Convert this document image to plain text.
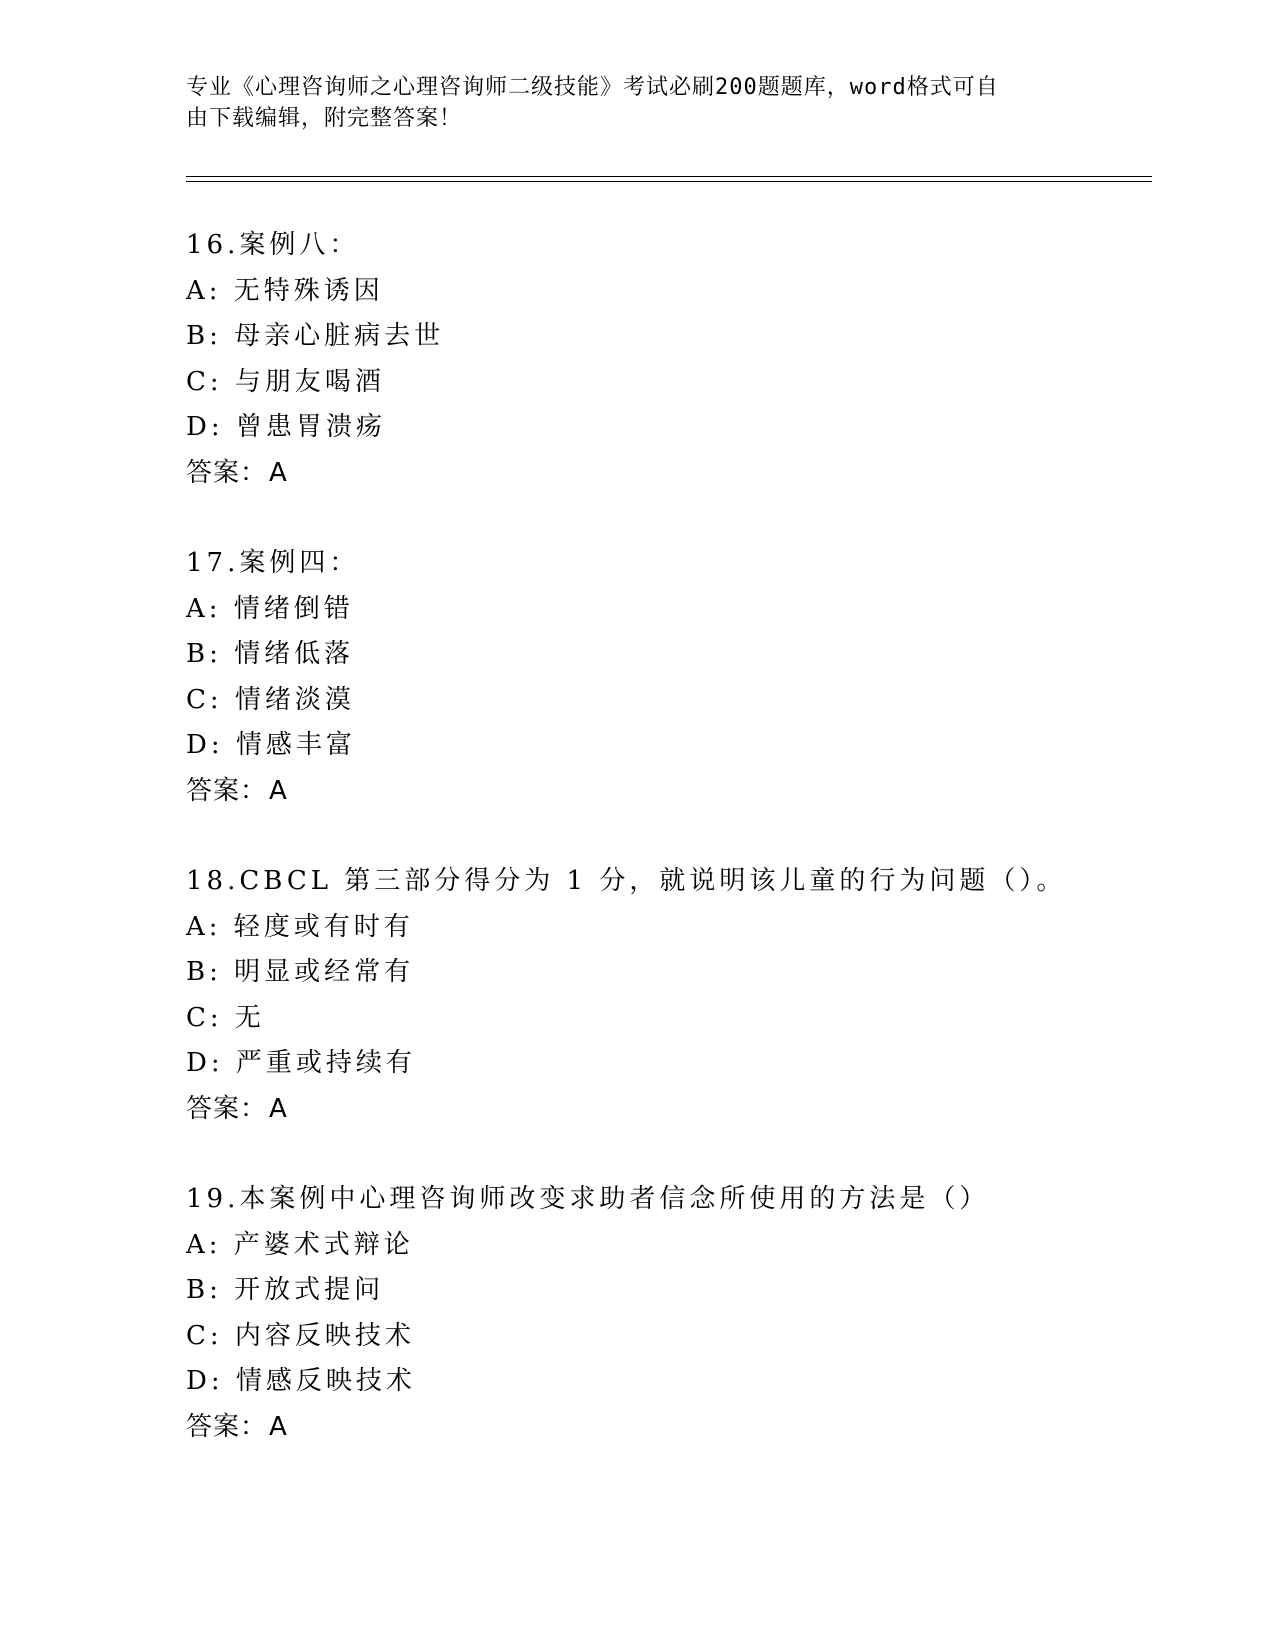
专业《心理咨询师之心理咨询师二级技能》考试必刷200题题库，word格式可自
由下载编辑，附完整答案！
16.案例八：
A: 无特殊诱因
B: 母亲心脏病去世
C: 与朋友喝酒
D: 曾患胃溃疡
答案：A
17.案例四：
A: 情绪倒错
B: 情绪低落
C: 情绪淡漠
D: 情感丰富
答案：A
18.CBCL 第三部分得分为 1 分，就说明该儿童的行为问题（）。
A: 轻度或有时有
B: 明显或经常有
C: 无
D: 严重或持续有
答案：A
19.本案例中心理咨询师改变求助者信念所使用的方法是（）
A: 产婆术式辩论
B: 开放式提问
C: 内容反映技术
D: 情感反映技术
答案：A
